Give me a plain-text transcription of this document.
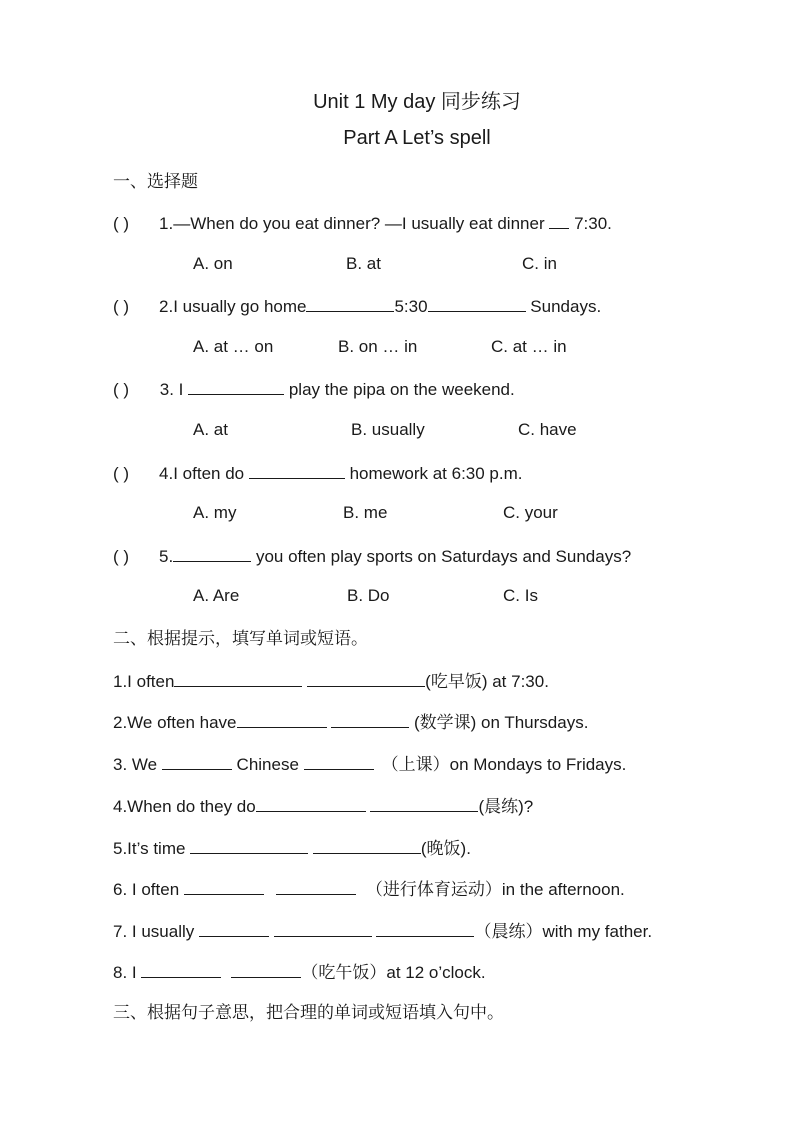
Unit 1 My day 同步练习
Part A Let’s spell
一、选择题
( ) 1.—When do you eat dinner? —I usually eat dinner  7:30.
A. on	B. at	C. in
( ) 2.I usually go home	5:30	Sundays.
A. at … on	B. on … in	C. at … in
( ) 3. I	play the pipa on the weekend.
A. at	B. usually	C. have
( ) 4.I often do	homework at 6:30 p.m.
A. my	B. me	C. your
( ) 5.	you often play sports on Saturdays and Sundays?
A. Are	B. Do	C. Is
二、根据提示，填写单词或短语。
1.I often	(吃早饭) at 7:30.
2.We often have	(数学课) on Thursdays.
3. We	Chinese	（上课）on Mondays to Fridays.
4.When do they do	(晨练)?
5.It’s time	(晚饭).
6. I often	（进行体育运动）in the afternoon.
7. I usually	（晨练）with my father.
8. I	（吃午饭）at 12 o’clock.
三、根据句子意思，把合理的单词或短语填入句中。
